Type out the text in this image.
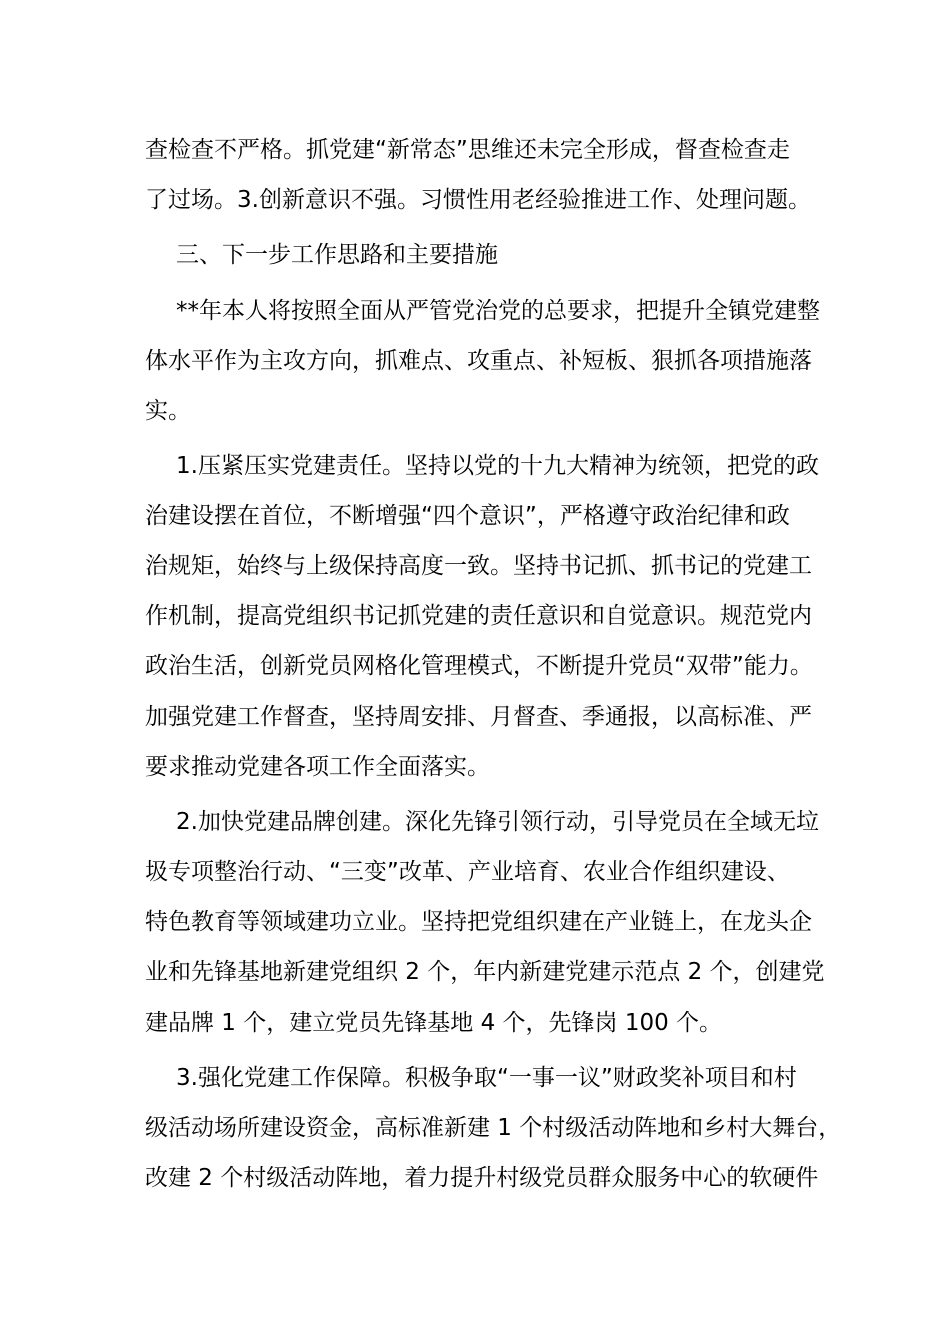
查检查不严格。抓党建“新常态”思维还未完全形成，督查检查走

了过场。3.创新意识不强。习惯性用老经验推进工作、处理问题。

三、下一步工作思路和主要措施

**年本人将按照全面从严管党治党的总要求，把提升全镇党建整

体水平作为主攻方向，抓难点、攻重点、补短板、狠抓各项措施落

实。

1.压紧压实党建责任。坚持以党的十九大精神为统领，把党的政

治建设摆在首位，不断增强“四个意识”，严格遵守政治纪律和政

治规矩，始终与上级保持高度一致。坚持书记抓、抓书记的党建工

作机制，提高党组织书记抓党建的责任意识和自觉意识。规范党内

政治生活，创新党员网格化管理模式，不断提升党员“双带”能力。

加强党建工作督查，坚持周安排、月督查、季通报，以高标准、严

要求推动党建各项工作全面落实。

2.加快党建品牌创建。深化先锋引领行动，引导党员在全域无垃

圾专项整治行动、“三变”改革、产业培育、农业合作组织建设、

特色教育等领域建功立业。坚持把党组织建在产业链上，在龙头企

业和先锋基地新建党组织 2 个，年内新建党建示范点 2 个，创建党

建品牌 1 个，建立党员先锋基地 4 个，先锋岗 100 个。

3.强化党建工作保障。积极争取“一事一议”财政奖补项目和村

级活动场所建设资金，高标准新建 1 个村级活动阵地和乡村大舞台，

改建 2 个村级活动阵地，着力提升村级党员群众服务中心的软硬件
